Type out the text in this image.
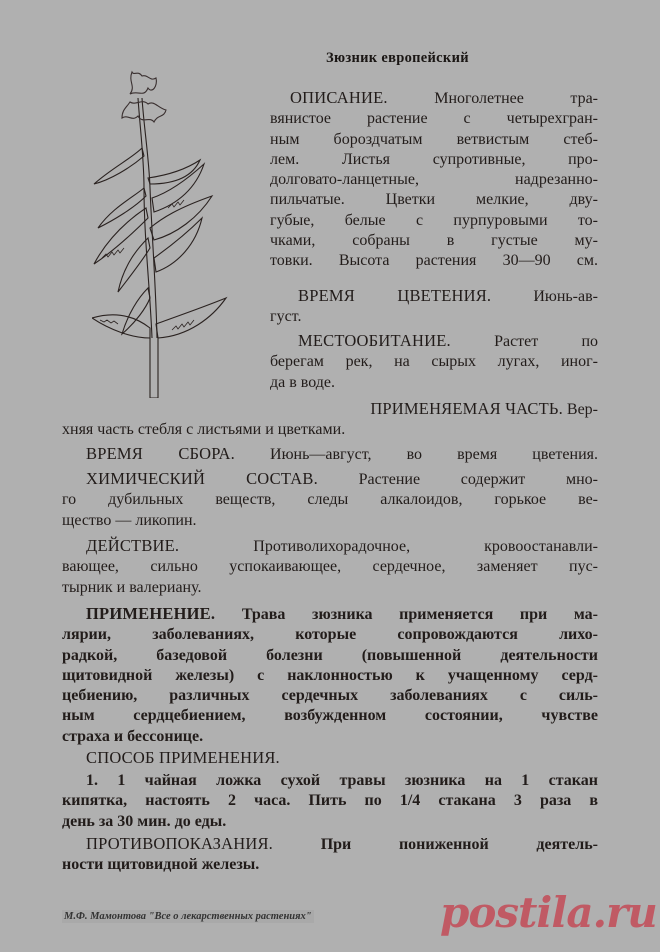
Зюзник европейский
ОПИСАНИЕ.	Многолетнее тра-
вянистое растение с четырехгран-
ным бороздчатым ветвистым стеб-
лем. Листья супротивные, про-
долговато-ланцетные, надрезанно-
пильчатые. Цветки мелкие, дву-
губые, белые с пурпуровыми то-
чками, собраны в густые му-
товки. Высота растения 30—90 см.
ВРЕМЯ ЦВЕТЕНИЯ.	Июнь-ав-
густ.
МЕСТООБИТАНИЕ.	Растет по
берегам рек, на сырых лугах, иног-
да в воде.
ПРИМЕНЯЕМАЯ ЧАСТЬ. Вер-
хняя часть стебля с листьями и цветками.
ВРЕМЯ СБОРА. Июнь—август, во время цветения.
ХИМИЧЕСКИЙ СОСТАВ.	Растение содержит мно-
го дубильных веществ, следы алкалоидов, горькое ве-
щество — ликопин.
ДЕЙСТВИЕ.	Противолихорадочное, кровоостанавли-
вающее, сильно успокаивающее, сердечное, заменяет пус-
тырник и валериану.
ПРИМЕНЕНИЕ. Трава зюзника применяется при ма-
лярии, заболеваниях, которые сопровождаются лихо-
радкой, базедовой болезни (повышенной деятельности
щитовидной железы) с наклонностью к учащенному серд-
цебиению, различных сердечных заболеваниях с силь-
ным сердцебиением, возбужденном состоянии, чувстве
страха и бессонице.
СПОСОБ ПРИМЕНЕНИЯ.
1. 1 чайная ложка сухой травы зюзника на 1 стакан
кипятка, настоять 2 часа. Пить по 1/4 стакана 3 раза в
день за 30 мин. до еды.
ПРОТИВОПОКАЗАНИЯ.	При пониженной деятель-
ности щитовидной железы.
М.Ф. Мамонтова "Все о лекарственных растениях"	postila.ru
